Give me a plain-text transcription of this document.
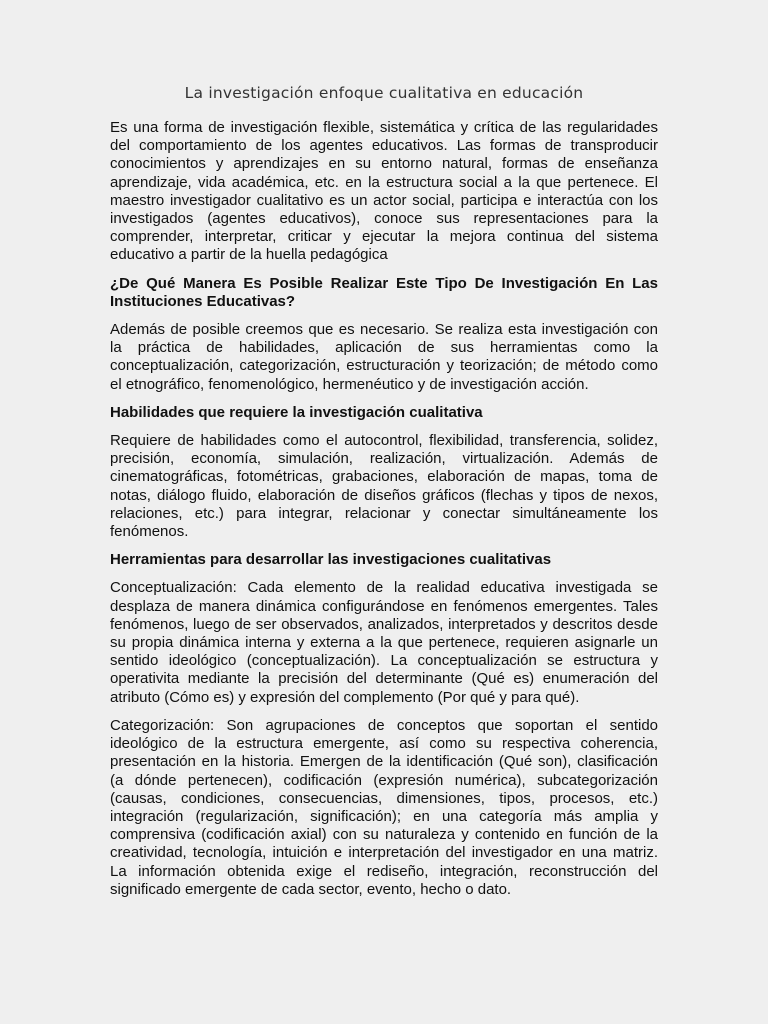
La investigación enfoque cualitativa en educación

Es una forma de investigación flexible, sistemática y crítica de las regularidades del comportamiento de los agentes educativos. Las formas de transproducir conocimientos y aprendizajes en su entorno natural, formas de enseñanza aprendizaje, vida académica, etc. en la estructura social a la que pertenece. El maestro investigador cualitativo es un actor social, participa e interactúa con los investigados (agentes educativos), conoce sus representaciones para la comprender, interpretar, criticar y ejecutar la mejora continua del sistema educativo a partir de la huella pedagógica

¿De Qué Manera Es Posible Realizar Este Tipo De Investigación En Las Instituciones Educativas?

Además de posible creemos que es necesario. Se realiza esta investigación con la práctica de habilidades, aplicación de sus herramientas como la conceptualización, categorización, estructuración y teorización; de método como el etnográfico, fenomenológico, hermenéutico y de investigación acción.

Habilidades que requiere la investigación cualitativa

Requiere de habilidades como el autocontrol, flexibilidad, transferencia, solidez, precisión, economía, simulación, realización, virtualización. Además de cinematográficas, fotométricas, grabaciones, elaboración de mapas, toma de notas, diálogo fluido, elaboración de diseños gráficos (flechas y tipos de nexos, relaciones, etc.) para integrar, relacionar y conectar simultáneamente los fenómenos.

Herramientas para desarrollar las investigaciones cualitativas

Conceptualización: Cada elemento de la realidad educativa investigada se desplaza de manera dinámica configurándose en fenómenos emergentes. Tales fenómenos, luego de ser observados, analizados, interpretados y descritos desde su propia dinámica interna y externa a la que pertenece, requieren asignarle un sentido ideológico (conceptualización). La conceptualización se estructura y operativita mediante la precisión del determinante (Qué es) enumeración del atributo (Cómo es) y expresión del complemento (Por qué y para qué).

Categorización: Son agrupaciones de conceptos que soportan el sentido ideológico de la estructura emergente, así como su respectiva coherencia, presentación en la historia. Emergen de la identificación (Qué son), clasificación (a dónde pertenecen), codificación (expresión numérica), subcategorización (causas, condiciones, consecuencias, dimensiones, tipos, procesos, etc.) integración (regularización, significación); en una categoría más amplia y comprensiva (codificación axial) con su naturaleza y contenido en función de la creatividad, tecnología, intuición e interpretación del investigador en una matriz. La información obtenida exige el rediseño, integración, reconstrucción del significado emergente de cada sector, evento, hecho o dato.
